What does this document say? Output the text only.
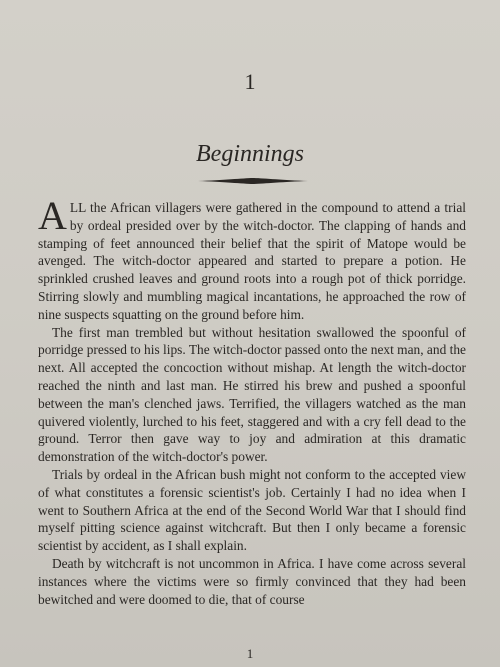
1
Beginnings

ALL the African villagers were gathered in the compound to attend a trial by ordeal presided over by the witch-doctor. The clapping of hands and stamping of feet announced their belief that the spirit of Matope would be avenged. The witch-doctor appeared and started to prepare a potion. He sprinkled crushed leaves and ground roots into a rough pot of thick porridge. Stirring slowly and mumbling magical incantations, he approached the row of nine suspects squatting on the ground before him.

The first man trembled but without hesitation swallowed the spoonful of porridge pressed to his lips. The witch-doctor passed onto the next man, and the next. All accepted the concoction without mishap. At length the witch-doctor reached the ninth and last man. He stirred his brew and pushed a spoonful between the man's clenched jaws. Terrified, the villagers watched as the man quivered violently, lurched to his feet, staggered and with a cry fell dead to the ground. Terror then gave way to joy and admiration at this dramatic demonstration of the witch-doctor's power.

Trials by ordeal in the African bush might not conform to the accepted view of what constitutes a forensic scientist's job. Certainly I had no idea when I went to Southern Africa at the end of the Second World War that I should find myself pitting science against witchcraft. But then I only became a forensic scientist by accident, as I shall explain.

Death by witchcraft is not uncommon in Africa. I have come across several instances where the victims were so firmly convinced that they had been bewitched and were doomed to die, that of course

1
